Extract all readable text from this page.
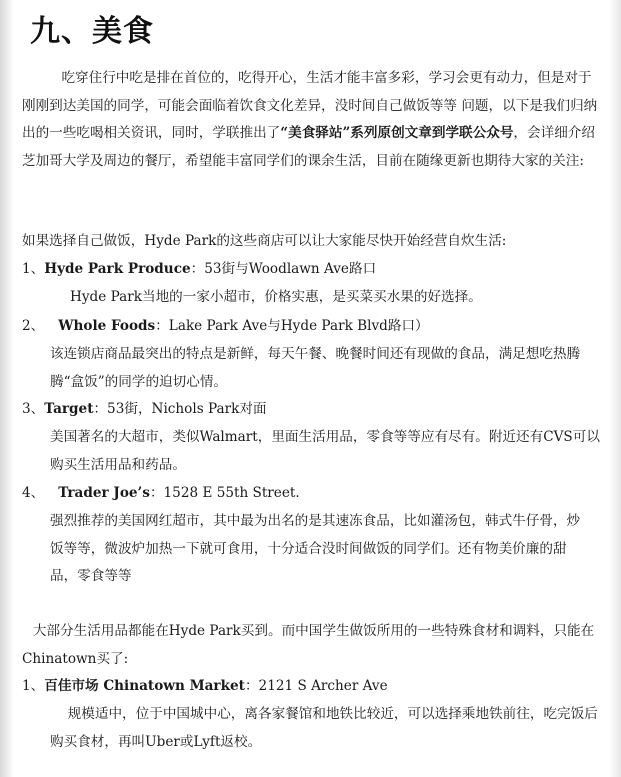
九、美食
吃穿住行中吃是排在首位的，吃得开心，生活才能丰富多彩，学习会更有动力，但是对于刚刚到达美国的同学，可能会面临着饮食文化差异，没时间自己做饭等等 问题，以下是我们归纳出的一些吃喝相关资讯，同时，学联推出了“美食驿站”系列原创文章到学联公众号，会详细介绍芝加哥大学及周边的餐厅，希望能丰富同学们的课余生活，目前在随缘更新也期待大家的关注:
如果选择自己做饭，Hyde Park的这些商店可以让大家能尽快开始经营自炊生活:
1、Hyde Park Produce：53街与Woodlawn Ave路口
Hyde Park当地的一家小超市，价格实惠，是买菜买水果的好选择。
2、 Whole Foods：Lake Park Ave与Hyde Park Blvd路口）
该连锁店商品最突出的特点是新鲜，每天午餐、晚餐时间还有现做的食品，满足想吃热腾腾“盒饭”的同学的迫切心情。
3、Target：53街，Nichols Park对面
美国著名的大超市，类似Walmart，里面生活用品，零食等等应有尽有。附近还有CVS可以购买生活用品和药品。
4、 Trader Joe’s：1528 E 55th Street.
强烈推荐的美国网红超市，其中最为出名的是其速冻食品，比如灌汤包，韩式牛仔骨，炒饭等等，微波炉加热一下就可食用，十分适合没时间做饭的同学们。还有物美价廉的甜品，零食等等
大部分生活用品都能在Hyde Park买到。而中国学生做饭所用的一些特殊食材和调料，只能在Chinatown买了:
1、百佳市场 Chinatown Market：2121 S Archer Ave
规模适中，位于中国城中心，离各家餐馆和地铁比较近，可以选择乘地铁前往，吃完饭后购买食材，再叫Uber或Lyft返校。
